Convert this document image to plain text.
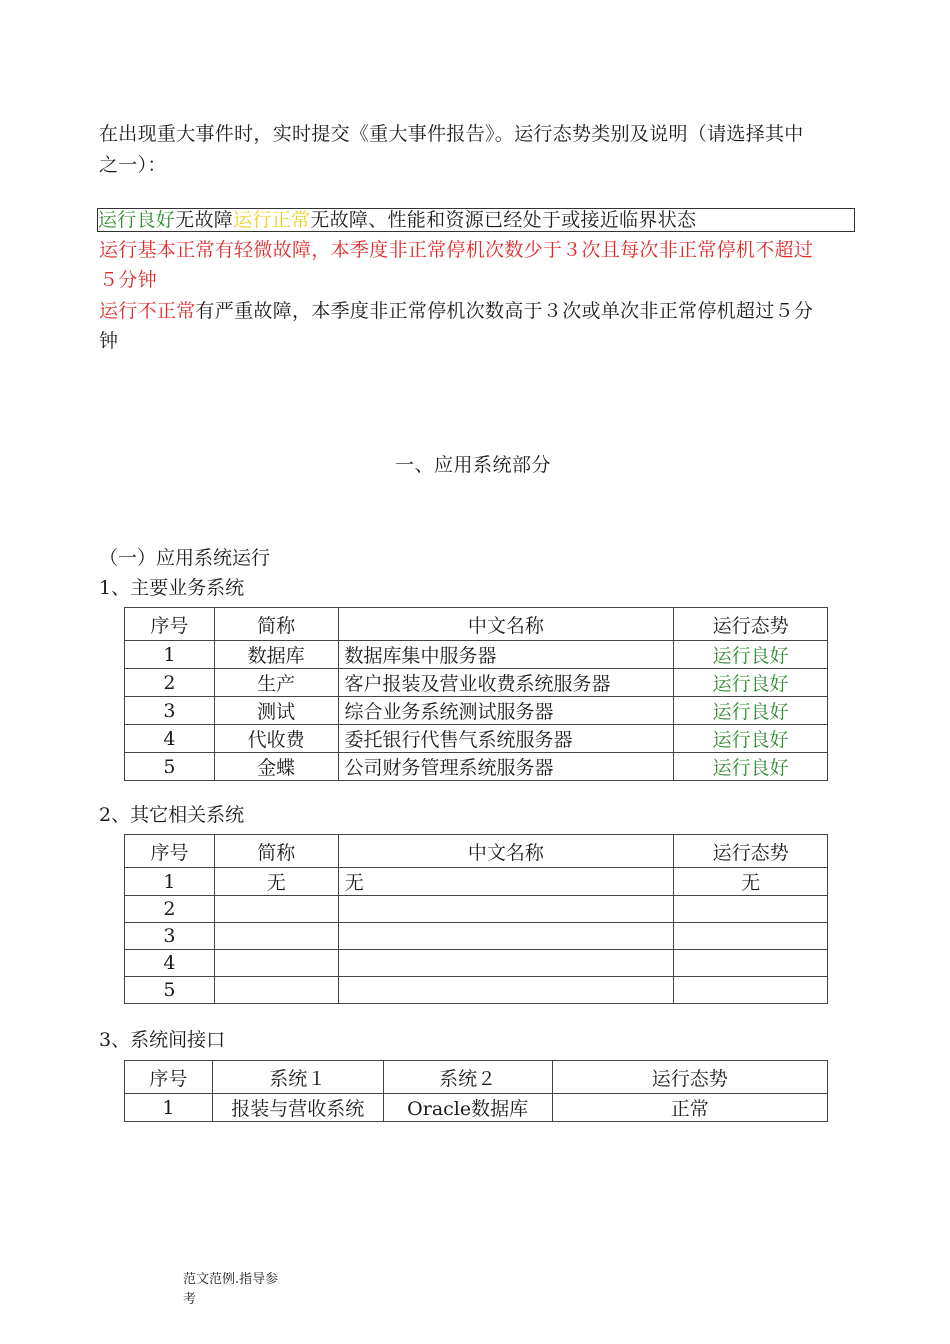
在出现重大事件时，实时提交《重大事件报告》。运行态势类别及说明（请选择其中
之一）：
运行良好无故障运行正常无故障、性能和资源已经处于或接近临界状态
运行基本正常有轻微故障，本季度非正常停机次数少于３次且每次非正常停机不超过
５分钟
运行不正常有严重故障，本季度非正常停机次数高于３次或单次非正常停机超过５分
钟
一、应用系统部分
（一）应用系统运行
1、主要业务系统
序号	简称	中文名称	运行态势
1	数据库	数据库集中服务器	运行良好
2	生产	客户报装及营业收费系统服务器	运行良好
3	测试	综合业务系统测试服务器	运行良好
4	代收费	委托银行代售气系统服务器	运行良好
5	金蝶	公司财务管理系统服务器	运行良好
2、其它相关系统
序号	简称	中文名称	运行态势
1	无	无	无
2			
3			
4			
5			
3、系统间接口
序号	系统１	系统２	运行态势
1	报装与营收系统	Oracle数据库	正常
范文范例.指导参
考
